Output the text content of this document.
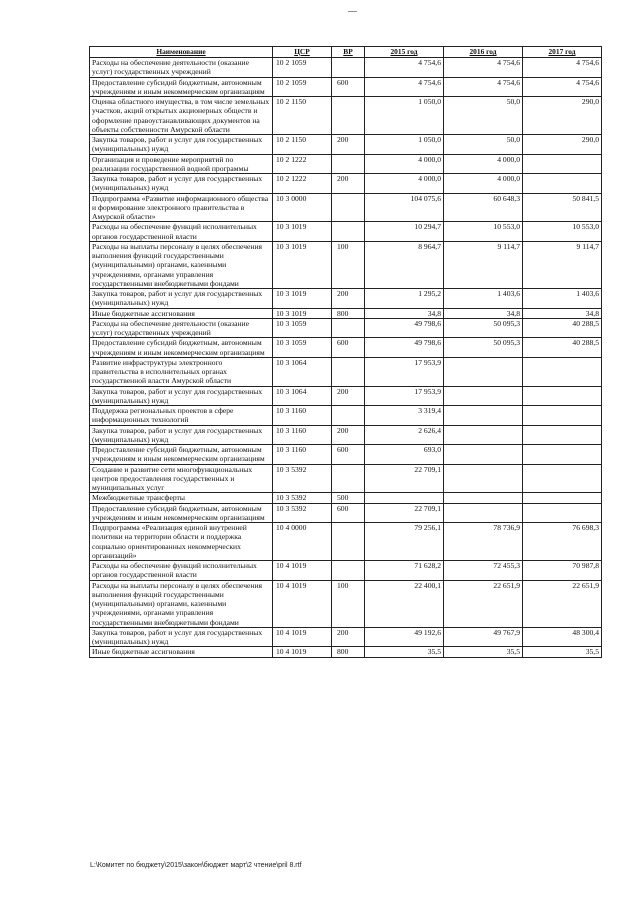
—
Наименование	ЦСР	ВР	2015 год	2016 год	2017 год
Расходы на обеспечение деятельности (оказание услуг) государственных учреждений	10 2 1059		4 754,6	4 754,6	4 754,6
Предоставление субсидий бюджетным, автономным учреждениям и иным некоммерческим организациям	10 2 1059	600	4 754,6	4 754,6	4 754,6
Оценка областного имущества, в том числе земельных участков, акций открытых акционерных обществ и оформление правоустанавливающих документов на объекты собственности Амурской области	10 2 1150		1 050,0	50,0	290,0
Закупка товаров, работ и услуг для государственных (муниципальных) нужд	10 2 1150	200	1 050,0	50,0	290,0
Организация и проведение мероприятий по реализации государственной водной программы	10 2 1222		4 000,0	4 000,0	
Закупка товаров, работ и услуг для государственных (муниципальных) нужд	10 2 1222	200	4 000,0	4 000,0	
Подпрограмма «Развитие информационного общества и формирование электронного правительства в Амурской области»	10 3 0000		104 075,6	60 648,3	50 841,5
Расходы на обеспечение функций исполнительных органов государственной власти	10 3 1019		10 294,7	10 553,0	10 553,0
Расходы на выплаты персоналу в целях обеспечения выполнения функций государственными (муниципальными) органами, казенными учреждениями, органами управления государственными внебюджетными фондами	10 3 1019	100	8 964,7	9 114,7	9 114,7
Закупка товаров, работ и услуг для государственных (муниципальных) нужд	10 3 1019	200	1 295,2	1 403,6	1 403,6
Иные бюджетные ассигнования	10 3 1019	800	34,8	34,8	34,8
Расходы на обеспечение деятельности (оказание услуг) государственных учреждений	10 3 1059		49 798,6	50 095,3	40 288,5
Предоставление субсидий бюджетным, автономным учреждениям и иным некоммерческим организациям	10 3 1059	600	49 798,6	50 095,3	40 288,5
Развитие инфраструктуры электронного правительства в исполнительных органах государственной власти Амурской области	10 3 1064		17 953,9		
Закупка товаров, работ и услуг для государственных (муниципальных) нужд	10 3 1064	200	17 953,9		
Поддержка региональных проектов в сфере информационных технологий	10 3 1160		3 319,4		
Закупка товаров, работ и услуг для государственных (муниципальных) нужд	10 3 1160	200	2 626,4		
Предоставление субсидий бюджетным, автономным учреждениям и иным некоммерческим организациям	10 3 1160	600	693,0		
Создание и развитие сети многофункциональных центров предоставления государственных и муниципальных услуг	10 3 5392		22 709,1		
Межбюджетные трансферты	10 3 5392	500			
Предоставление субсидий бюджетным, автономным учреждениям и иным некоммерческим организациям	10 3 5392	600	22 709,1		
Подпрограмма «Реализация единой внутренней политики на территории области и поддержка социально ориентированных некоммерческих организаций»	10 4 0000		79 256,1	78 736,9	76 698,3
Расходы на обеспечение функций исполнительных органов государственной власти	10 4 1019		71 628,2	72 455,3	70 987,8
Расходы на выплаты персоналу в целях обеспечения выполнения функций государственными (муниципальными) органами, казенными учреждениями, органами управления государственными внебюджетными фондами	10 4 1019	100	22 400,1	22 651,9	22 651,9
Закупка товаров, работ и услуг для государственных (муниципальных) нужд	10 4 1019	200	49 192,6	49 767,9	48 300,4
Иные бюджетные ассигнования	10 4 1019	800	35,5	35,5	35,5
L:\Комитет по бюджету\2015\закон\бюджет март\2 чтение\pril 8.rtf
